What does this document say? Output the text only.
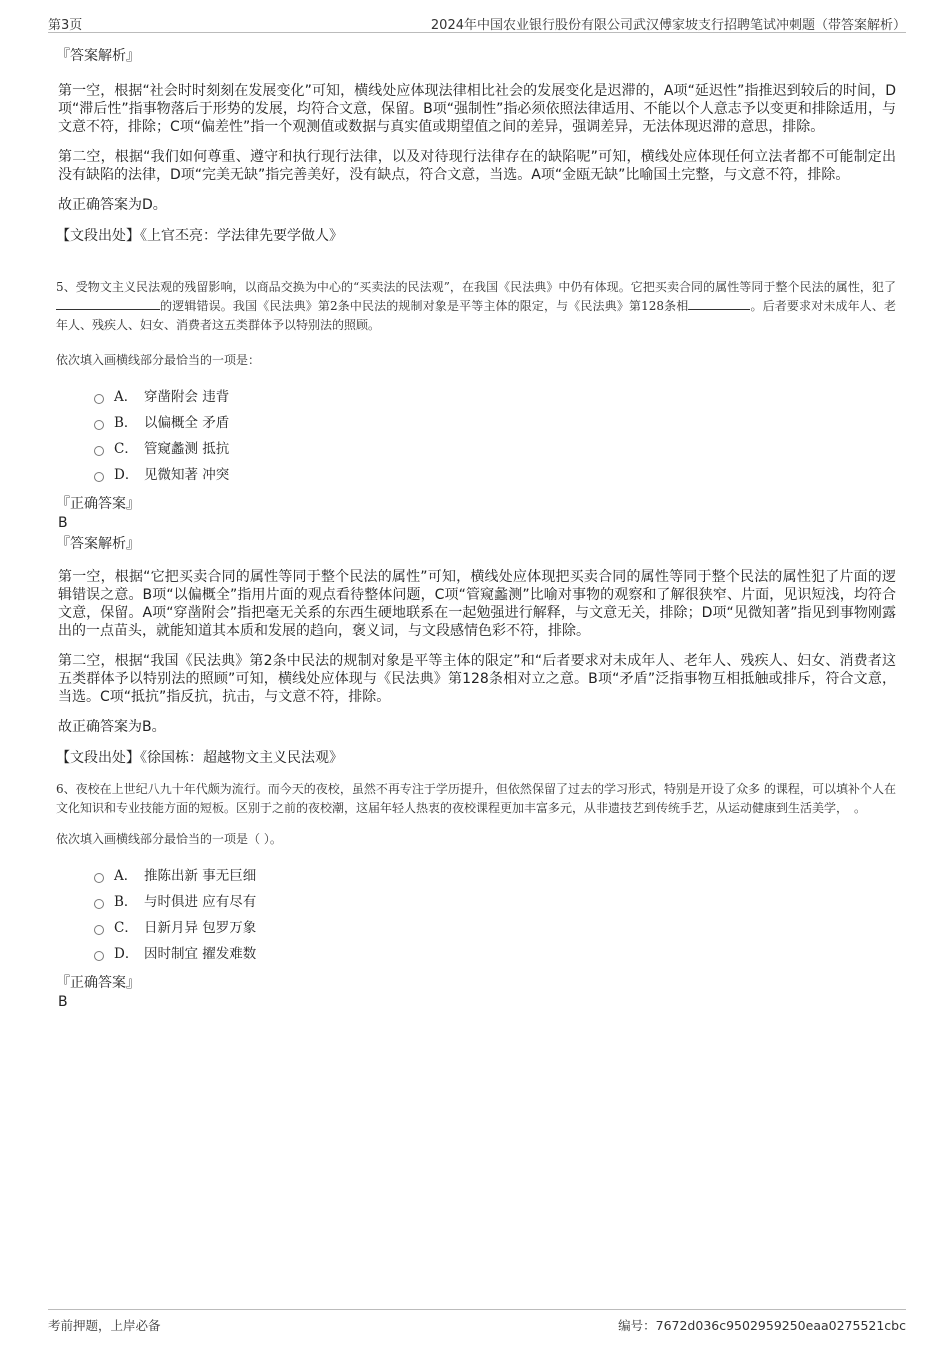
第3页	2024年中国农业银行股份有限公司武汉傅家坡支行招聘笔试冲刺题（带答案解析）
『答案解析』

第一空，根据“社会时时刻刻在发展变化”可知，横线处应体现法律相比社会的发展变化是迟滞的，A项“延迟性”指推迟到较后的时间，D项“滞后性”指事物落后于形势的发展，均符合文意，保留。B项“强制性”指必须依照法律适用、不能以个人意志予以变更和排除适用，与文意不符，排除；C项“偏差性”指一个观测值或数据与真实值或期望值之间的差异，强调差异，无法体现迟滞的意思，排除。

第二空，根据“我们如何尊重、遵守和执行现行法律，以及对待现行法律存在的缺陷呢”可知，横线处应体现任何立法者都不可能制定出没有缺陷的法律，D项“完美无缺”指完善美好，没有缺点，符合文意，当选。A项“金瓯无缺”比喻国土完整，与文意不符，排除。

故正确答案为D。

【文段出处】《上官丕亮：学法律先要学做人》

5、受物文主义民法观的残留影响，以商品交换为中心的“买卖法的民法观”，在我国《民法典》中仍有体现。它把买卖合同的属性等同于整个民法的属性，犯了的逻辑错误。我国《民法典》第2条中民法的规制对象是平等主体的限定，与《民法典》第128条相	。后者要求对未成年人、老年人、残疾人、妇女、消费者这五类群体予以特别法的照顾。

依次填入画横线部分最恰当的一项是：

A． 穿凿附会 违背
B． 以偏概全 矛盾
C． 管窥蠡测 抵抗
D． 见微知著 冲突
『正确答案』
B
『答案解析』

第一空，根据“它把买卖合同的属性等同于整个民法的属性”可知，横线处应体现把买卖合同的属性等同于整个民法的属性犯了片面的逻辑错误之意。B项“以偏概全”指用片面的观点看待整体问题，C项“管窥蠡测”比喻对事物的观察和了解很狭窄、片面，见识短浅，均符合文意，保留。A项“穿凿附会”指把毫无关系的东西生硬地联系在一起勉强进行解释，与文意无关，排除；D项“见微知著”指见到事物刚露出的一点苗头，就能知道其本质和发展的趋向，褒义词，与文段感情色彩不符，排除。

第二空，根据“我国《民法典》第2条中民法的规制对象是平等主体的限定”和“后者要求对未成年人、老年人、残疾人、妇女、消费者这五类群体予以特别法的照顾”可知，横线处应体现与《民法典》第128条相对立之意。B项“矛盾”泛指事物互相抵触或排斥，符合文意，当选。C项“抵抗”指反抗，抗击，与文意不符，排除。

故正确答案为B。

【文段出处】《徐国栋：超越物文主义民法观》

6、夜校在上世纪八九十年代颇为流行。而今天的夜校，虽然不再专注于学历提升，但依然保留了过去的学习形式，特别是开设了众多 的课程，可以填补个人在文化知识和专业技能方面的短板。区别于之前的夜校潮，这届年轻人热衷的夜校课程更加丰富多元，从非遗技艺到传统手艺，从运动健康到生活美学，　。

依次填入画横线部分最恰当的一项是（ ）。

A． 推陈出新 事无巨细
B． 与时俱进 应有尽有
C． 日新月异 包罗万象
D． 因时制宜 擢发难数
『正确答案』
B
考前押题，上岸必备	编号：7672d036c9502959250eaa0275521cbc
